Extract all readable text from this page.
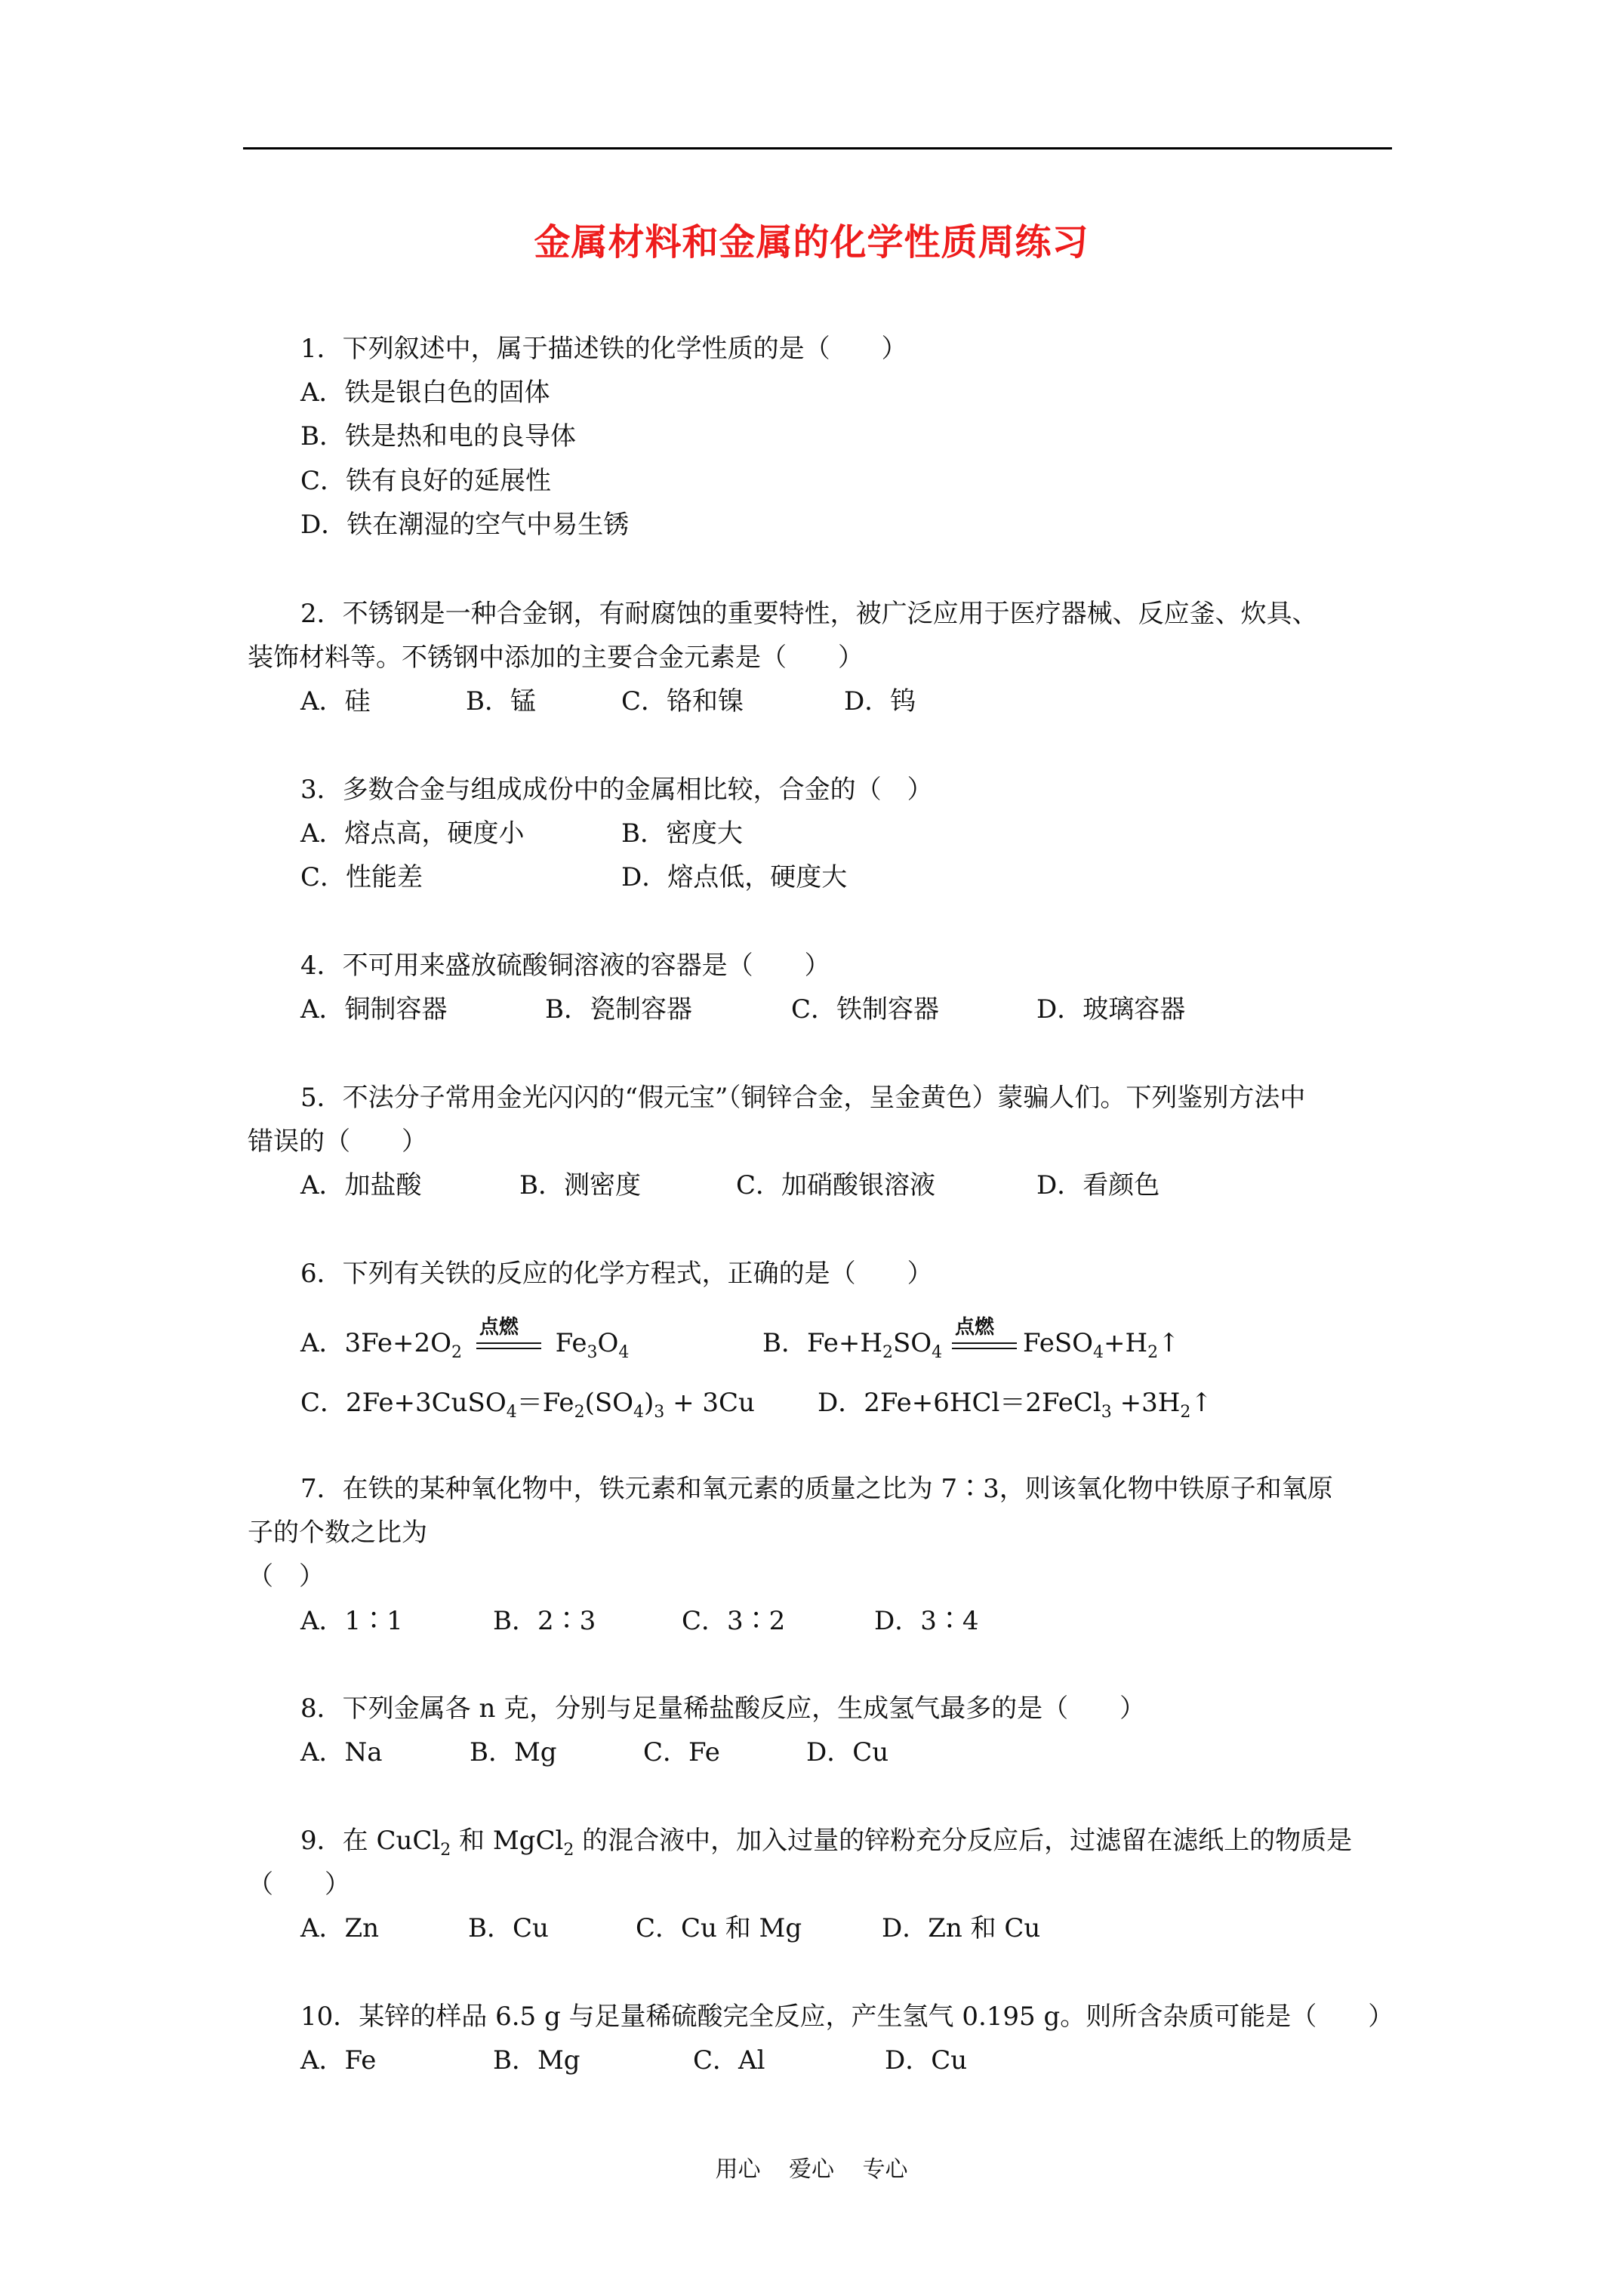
金属材料和金属的化学性质周练习
1．下列叙述中，属于描述铁的化学性质的是（　　）
A．铁是银白色的固体
B．铁是热和电的良导体
C．铁有良好的延展性
D．铁在潮湿的空气中易生锈
2．不锈钢是一种合金钢，有耐腐蚀的重要特性，被广泛应用于医疗器械、反应釜、炊具、
装饰材料等。不锈钢中添加的主要合金元素是（　　）
A．硅	B．锰	C．铬和镍	D．钨
3．多数合金与组成成份中的金属相比较，合金的（　）
A．熔点高，硬度小	B．密度大
C．性能差	D．熔点低，硬度大
4．不可用来盛放硫酸铜溶液的容器是（　　）
A．铜制容器	B．瓷制容器	C．铁制容器	D．玻璃容器
5．不法分子常用金光闪闪的“假元宝”（铜锌合金，呈金黄色）蒙骗人们。下列鉴别方法中
错误的（　　）
A．加盐酸	B．测密度	C．加硝酸银溶液	D．看颜色
6．下列有关铁的反应的化学方程式，正确的是（　　）
A．$3Fe+2O_2$
点燃
$Fe_3O_4$	B．$Fe+H_2SO_4$
点燃
$FeSO_4+H_2↑$
C．$2Fe+3CuSO_4=Fe_2(SO_4)_3 + 3Cu$ D．2Fe+6HCl＝2FeCl$_3$ $+3H_2↑$
7．在铁的某种氧化物中，铁元素和氧元素的质量之比为 7∶3，则该氧化物中铁原子和氧原
子的个数之比为
（　）
A．1∶1	B．2∶3	C．3∶2	D．3∶4
8．下列金属各 n 克，分别与足量稀盐酸反应，生成氢气最多的是（　　）
A．Na	B．Mg	C．Fe	D．Cu
9．在 CuCl$_2$ 和 MgCl$_2$ 的混合液中，加入过量的锌粉充分反应后，过滤留在滤纸上的物质是
（　　）
A．Zn	B．Cu	C．Cu 和 Mg	D．Zn 和 Cu
10．某锌的样品 6.5 g 与足量稀硫酸完全反应，产生氢气 0.195 g。则所含杂质可能是（　　）
A．Fe	B．Mg	C．Al	D．Cu
用心 爱心 专心
